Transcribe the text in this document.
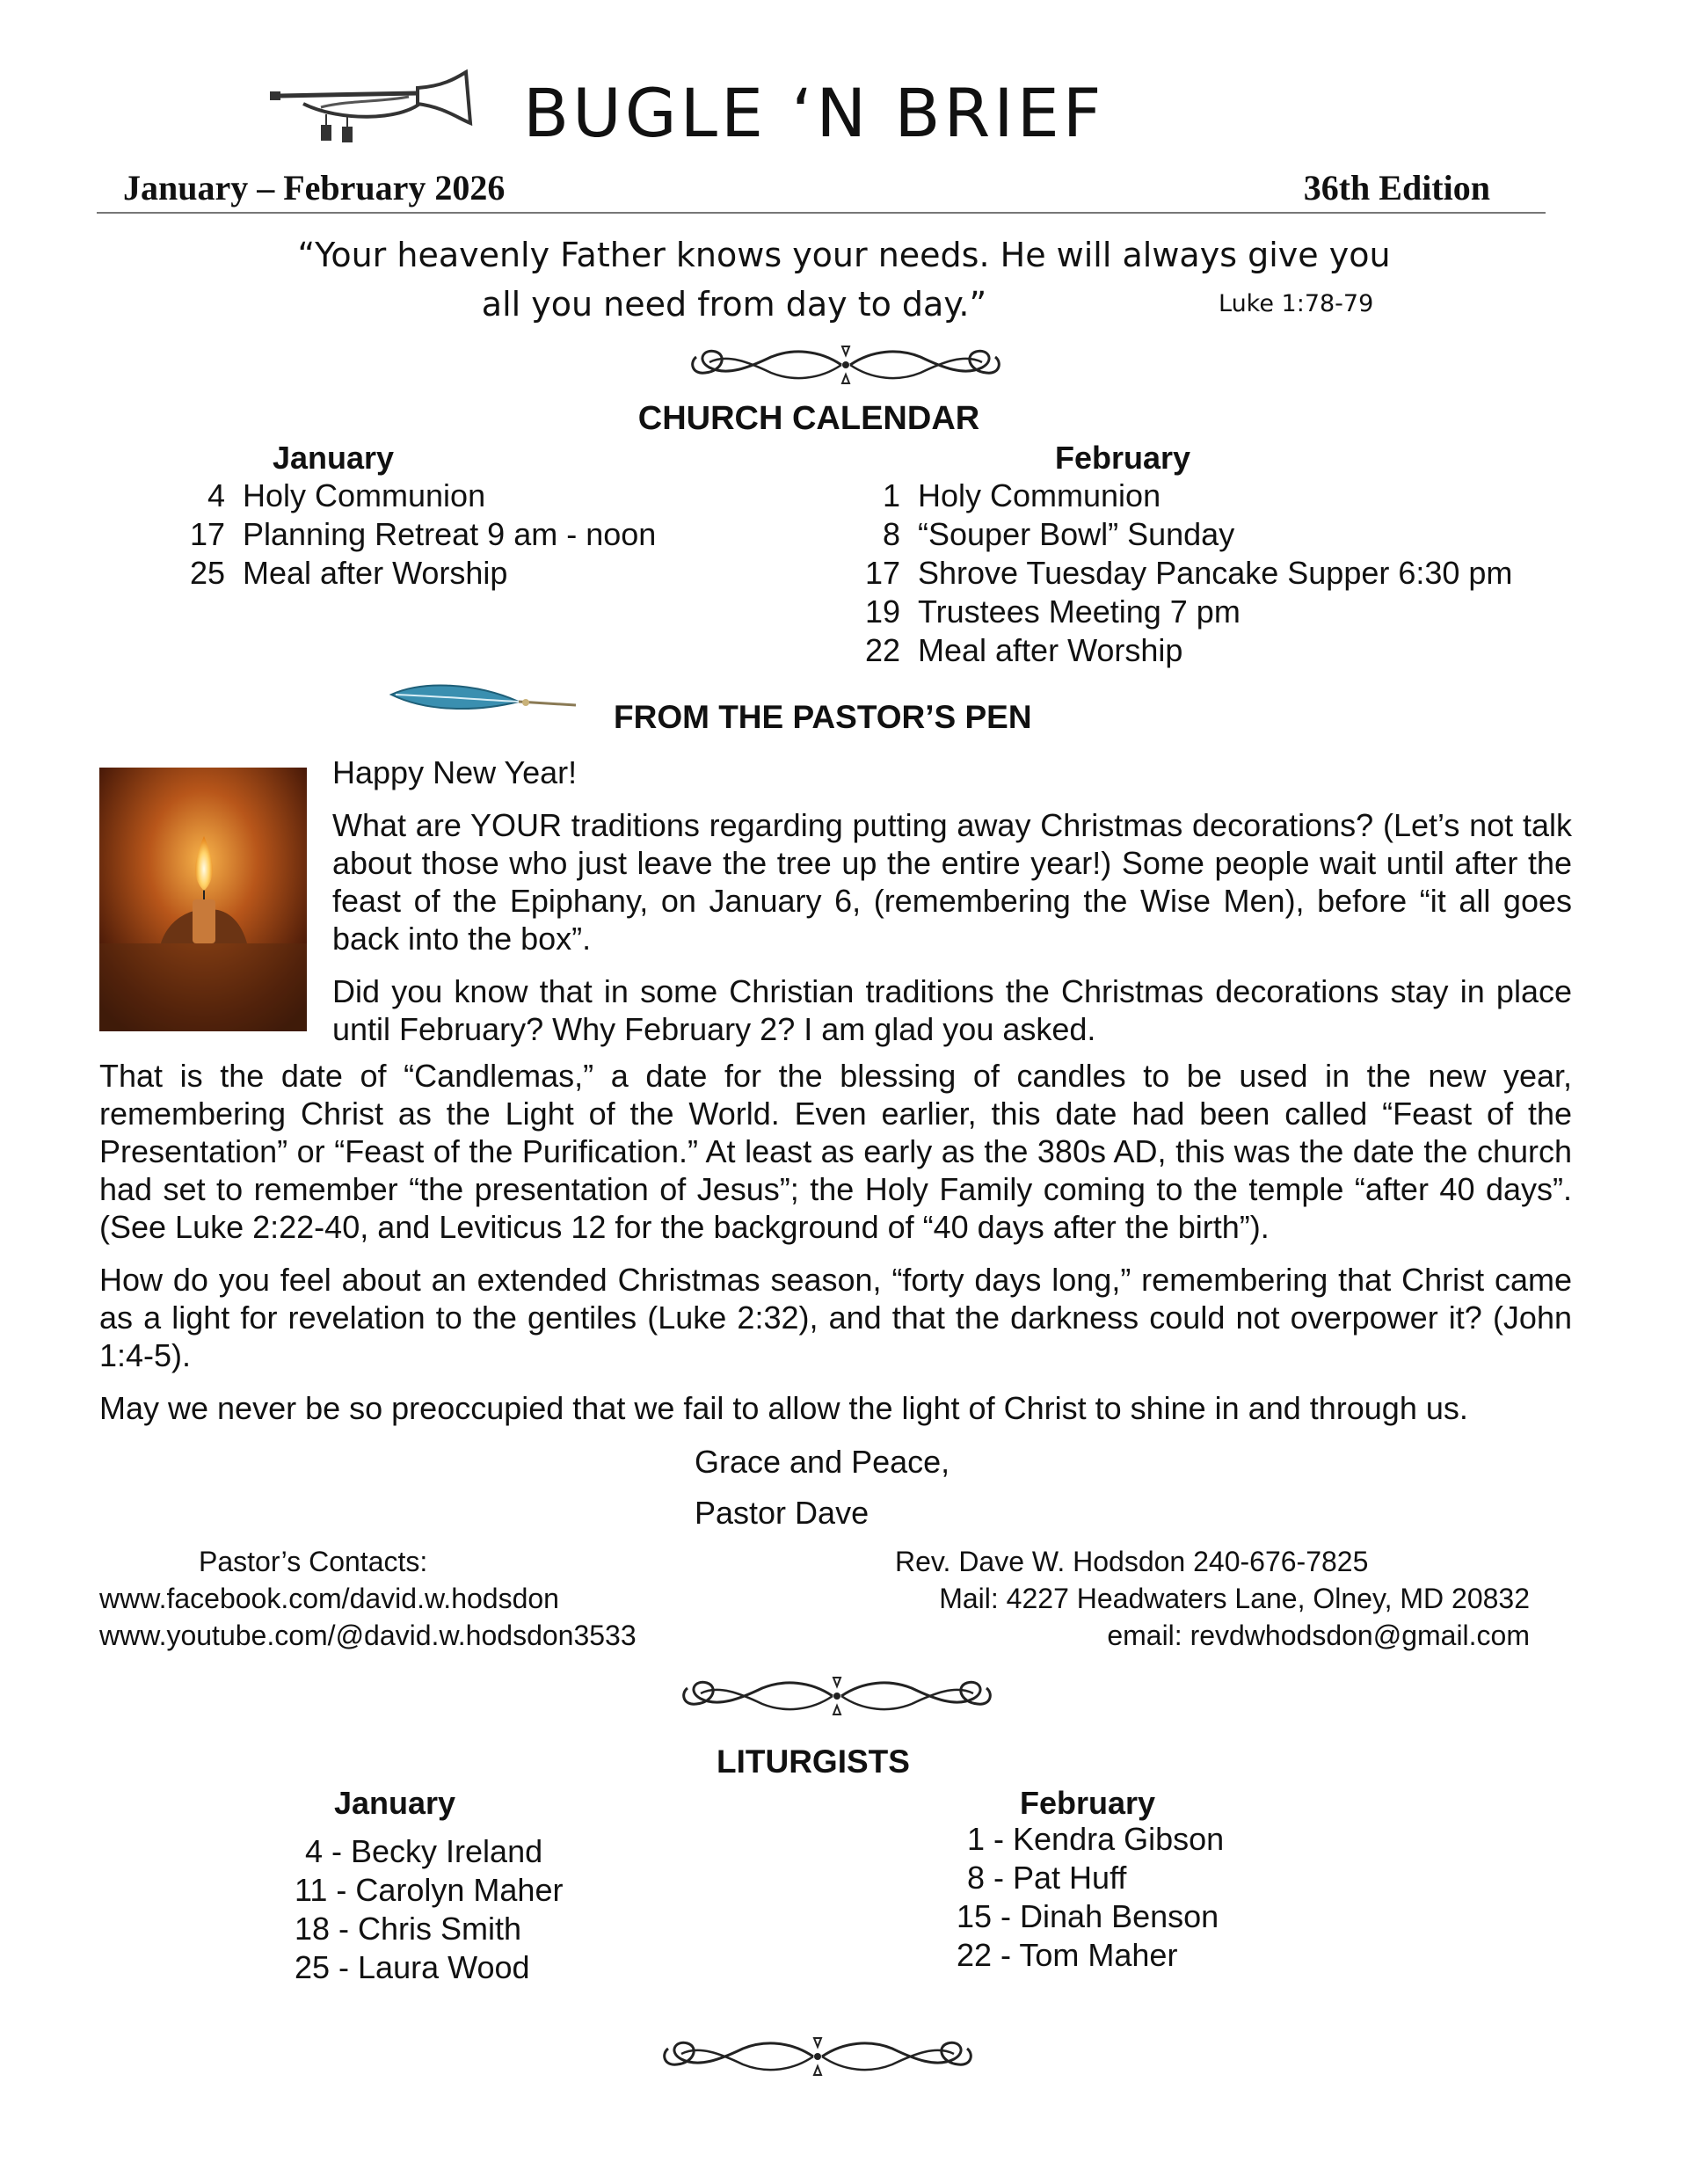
BUGLE ‘N BRIEF
January – February 2026	36th Edition
“Your heavenly Father knows your needs. He will always give you
all you need from day to day.”	Luke 1:78-79
CHURCH CALENDAR
January
4 Holy Communion
17 Planning Retreat 9 am - noon
25 Meal after Worship
February
1 Holy Communion
8 “Souper Bowl” Sunday
17 Shrove Tuesday Pancake Supper 6:30 pm
19 Trustees Meeting 7 pm
22 Meal after Worship
FROM THE PASTOR’S PEN

Happy New Year!

What are YOUR traditions regarding putting away Christmas decorations? (Let’s not talk about those who just leave the tree up the entire year!) Some people wait until after the feast of the Epiphany, on January 6, (remembering the Wise Men), before “it all goes back into the box”.

Did you know that in some Christian traditions the Christmas decorations stay in place until February? Why February 2? I am glad you asked.

That is the date of “Candlemas,” a date for the blessing of candles to be used in the new year, remembering Christ as the Light of the World. Even earlier, this date had been called “Feast of the Presentation” or “Feast of the Purification.” At least as early as the 380s AD, this was the date the church had set to remember “the presentation of Jesus”; the Holy Family coming to the temple “after 40 days”. (See Luke 2:22-40, and Leviticus 12 for the background of “40 days after the birth”).

How do you feel about an extended Christmas season, “forty days long,” remembering that Christ came as a light for revelation to the gentiles (Luke 2:32), and that the darkness could not overpower it? (John 1:4-5).

May we never be so preoccupied that we fail to allow the light of Christ to shine in and through us.

Grace and Peace,
Pastor Dave
Pastor’s Contacts:
www.facebook.com/david.w.hodsdon
www.youtube.com/@david.w.hodsdon3533
Rev. Dave W. Hodsdon 240-676-7825
Mail: 4227 Headwaters Lane, Olney, MD 20832
email: revdwhodsdon@gmail.com
LITURGISTS
January
4 - Becky Ireland
11 - Carolyn Maher
18 - Chris Smith
25 - Laura Wood
February
1 - Kendra Gibson
8 - Pat Huff
15 - Dinah Benson
22 - Tom Maher
